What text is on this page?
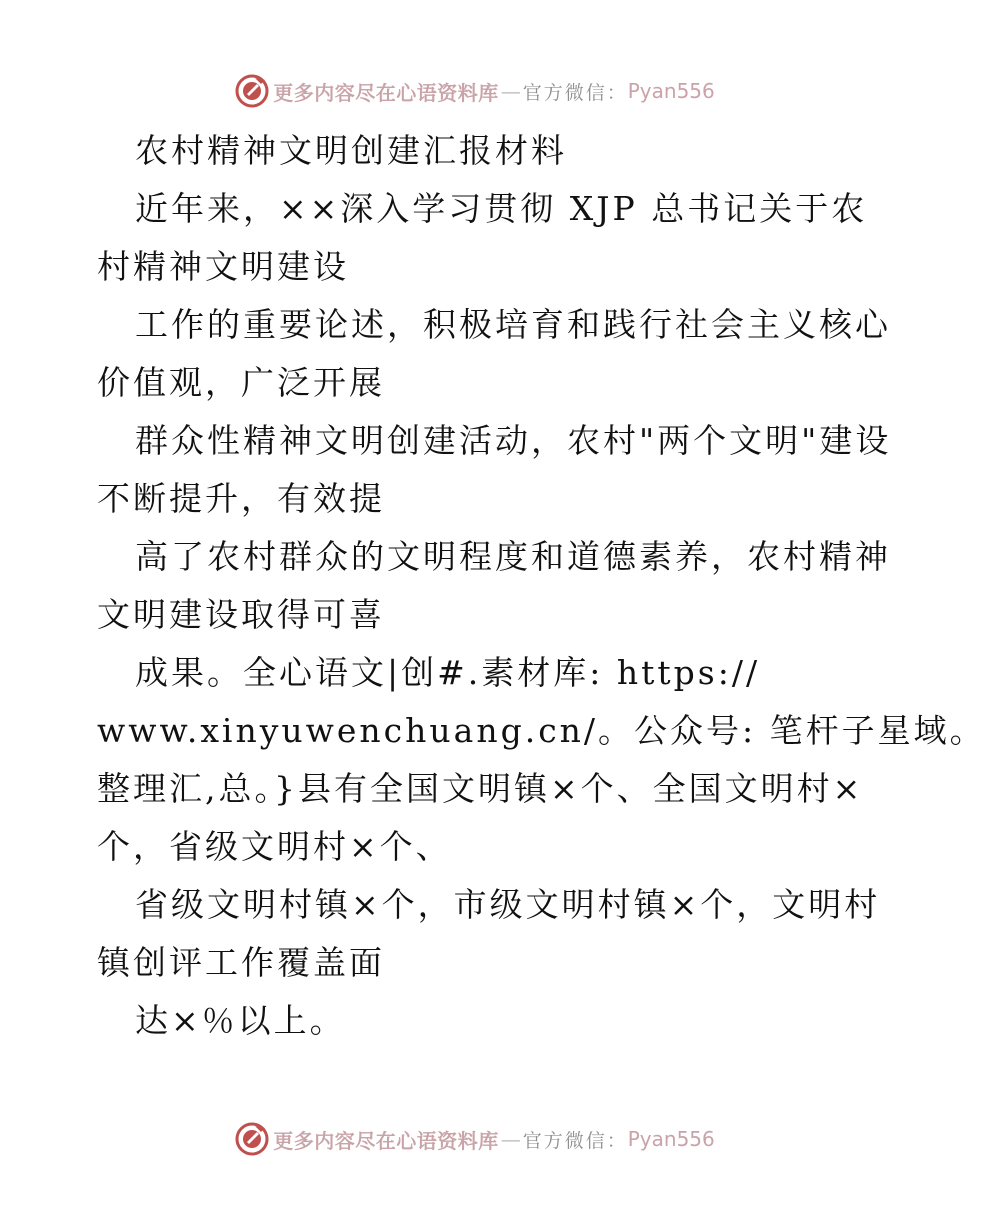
更多内容尽在心语资料库 — 官方微信： Pyan556
农村精神文明创建汇报材料
近年来，××深入学习贯彻 XJP 总书记关于农
村精神文明建设
工作的重要论述，积极培育和践行社会主义核心
价值观，广泛开展
群众性精神文明创建活动，农村"两个文明"建设
不断提升，有效提
高了农村群众的文明程度和道德素养，农村精神
文明建设取得可喜
成果。全心语文|创#.素材库: https://
www.xinyuwenchuang.cn/。公众号: 笔杆子星域。
整理汇,总。}县有全国文明镇×个、全国文明村×
个，省级文明村×个、
省级文明村镇×个，市级文明村镇×个，文明村
镇创评工作覆盖面
达×％以上。
更多内容尽在心语资料库 — 官方微信： Pyan556
